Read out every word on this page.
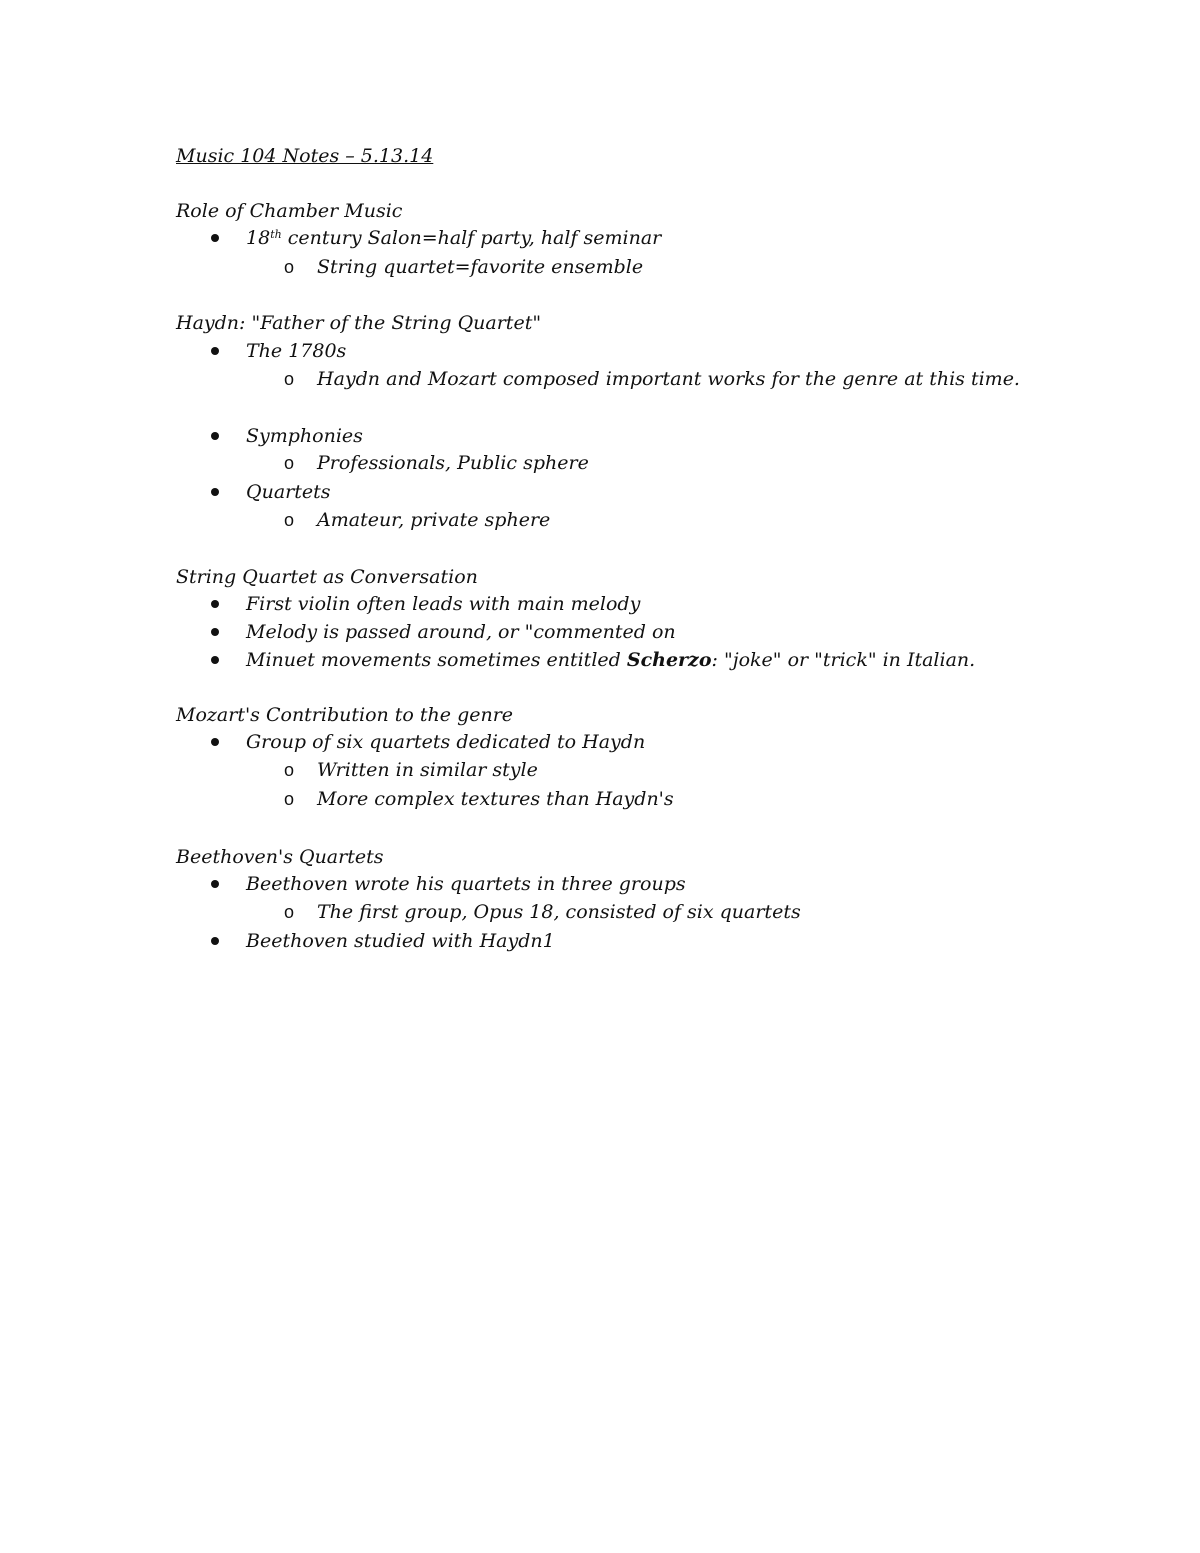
Music 104 Notes – 5.13.14
Role of Chamber Music
18th century Salon=half party, half seminar
o String quartet=favorite ensemble
Haydn: "Father of the String Quartet"
The 1780s
o Haydn and Mozart composed important works for the genre at this time.
Symphonies
o Professionals, Public sphere
Quartets
o Amateur, private sphere
String Quartet as Conversation
First violin often leads with main melody
Melody is passed around, or "commented on
Minuet movements sometimes entitled Scherzo: "joke" or "trick" in Italian.
Mozart's Contribution to the genre
Group of six quartets dedicated to Haydn
o Written in similar style
o More complex textures than Haydn's
Beethoven's Quartets
Beethoven wrote his quartets in three groups
o The first group, Opus 18, consisted of six quartets
Beethoven studied with Haydn1
